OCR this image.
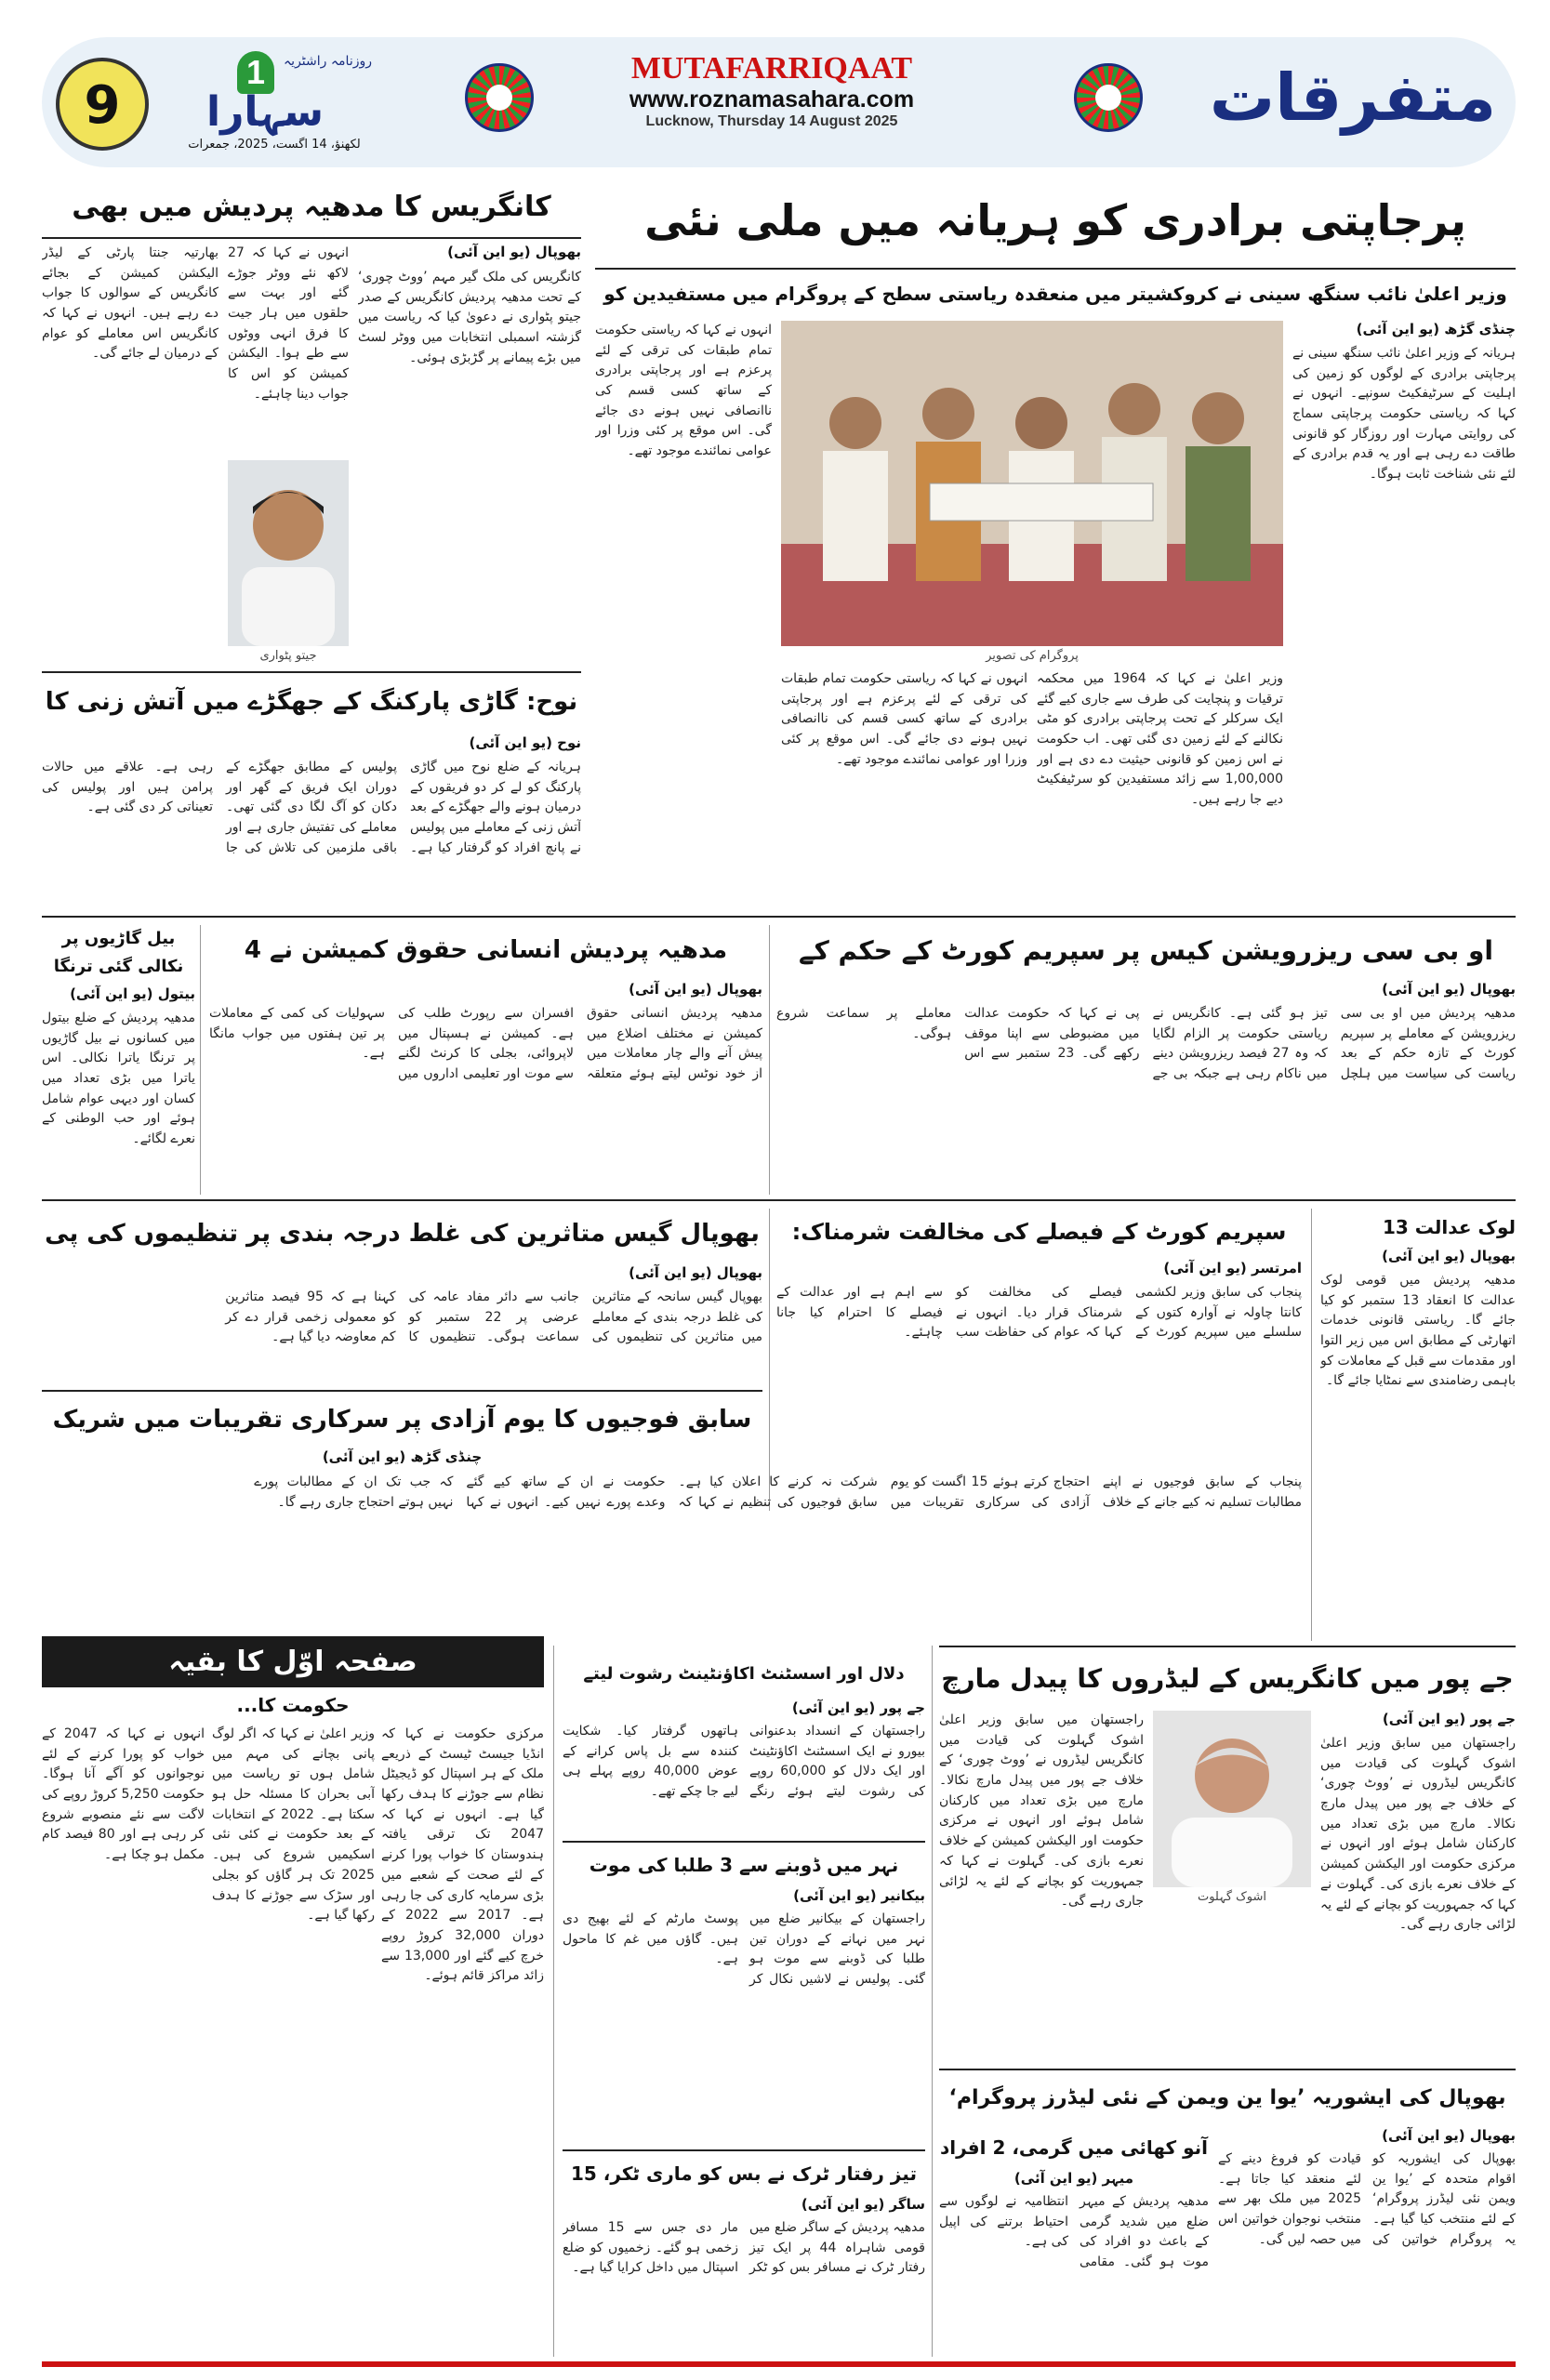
9
1	روزنامہ راشٹریہ
سہارا
لکھنؤ، 14 اگست، 2025، جمعرات
MUTAFARRIQAAT
www.roznamasahara.com
Lucknow, Thursday 14 August 2025	متفرقات
پرجاپتی برادری کو ہریانہ میں ملی نئی
وزیر اعلیٰ نائب سنگھ سینی نے کروکشیتر میں منعقدہ ریاستی سطح کے پروگرام میں مستفیدین کو
چنڈی گڑھ (یو این آئی)
ہریانہ کے وزیر اعلیٰ نائب سنگھ سینی نے پرجاپتی برادری کے لوگوں کو زمین کی اہلیت کے سرٹیفکیٹ سونپے۔ انہوں نے کہا کہ ریاستی حکومت پرجاپتی سماج کی روایتی مہارت اور روزگار کو قانونی طاقت دے رہی ہے اور یہ قدم برادری کے لئے نئی شناخت ثابت ہوگا۔
پروگرام کی تصویر
وزیر اعلیٰ نے کہا کہ 1964 میں محکمہ ترقیات و پنچایت کی طرف سے جاری کیے گئے ایک سرکلر کے تحت پرجاپتی برادری کو مٹی نکالنے کے لئے زمین دی گئی تھی۔ اب حکومت نے اس زمین کو قانونی حیثیت دے دی ہے اور 1,00,000 سے زائد مستفیدین کو سرٹیفکیٹ دیے جا رہے ہیں۔
انہوں نے کہا کہ ریاستی حکومت تمام طبقات کی ترقی کے لئے پرعزم ہے اور پرجاپتی برادری کے ساتھ کسی قسم کی ناانصافی نہیں ہونے دی جائے گی۔ اس موقع پر کئی وزرا اور عوامی نمائندے موجود تھے۔
انہوں نے کہا کہ ریاستی حکومت تمام طبقات کی ترقی کے لئے پرعزم ہے اور پرجاپتی برادری کے ساتھ کسی قسم کی ناانصافی نہیں ہونے دی جائے گی۔ اس موقع پر کئی وزرا اور عوامی نمائندے موجود تھے۔
کانگریس کا مدھیہ پردیش میں بھی
بھوپال (یو این آئی)
کانگریس کی ملک گیر مہم ’ووٹ چوری‘ کے تحت مدھیہ پردیش کانگریس کے صدر جیتو پٹواری نے دعویٰ کیا کہ ریاست میں گزشتہ اسمبلی انتخابات میں ووٹر لسٹ میں بڑے پیمانے پر گڑبڑی ہوئی۔
انہوں نے کہا کہ 27 لاکھ نئے ووٹر جوڑے گئے اور بہت سے حلقوں میں ہار جیت کا فرق انہی ووٹوں سے طے ہوا۔ الیکشن کمیشن کو اس کا جواب دینا چاہئے۔
جیتو پٹواری
بھارتیہ جنتا پارٹی کے لیڈر الیکشن کمیشن کے بجائے کانگریس کے سوالوں کا جواب دے رہے ہیں۔ انہوں نے کہا کہ کانگریس اس معاملے کو عوام کے درمیان لے جائے گی۔
نوح: گاڑی پارکنگ کے جھگڑے میں آتش زنی کا
نوح (یو این آئی)
ہریانہ کے ضلع نوح میں گاڑی پارکنگ کو لے کر دو فریقوں کے درمیان ہونے والے جھگڑے کے بعد آتش زنی کے معاملے میں پولیس نے پانچ افراد کو گرفتار کیا ہے۔ پولیس کے مطابق جھگڑے کے دوران ایک فریق کے گھر اور دکان کو آگ لگا دی گئی تھی۔ معاملے کی تفتیش جاری ہے اور باقی ملزمین کی تلاش کی جا رہی ہے۔ علاقے میں حالات پرامن ہیں اور پولیس کی تعیناتی کر دی گئی ہے۔
او بی سی ریزرویشن کیس پر سپریم کورٹ کے حکم کے
بھوپال (یو این آئی)
مدھیہ پردیش میں او بی سی ریزرویشن کے معاملے پر سپریم کورٹ کے تازہ حکم کے بعد ریاست کی سیاست میں ہلچل تیز ہو گئی ہے۔ کانگریس نے ریاستی حکومت پر الزام لگایا کہ وہ 27 فیصد ریزرویشن دینے میں ناکام رہی ہے جبکہ بی جے پی نے کہا کہ حکومت عدالت میں مضبوطی سے اپنا موقف رکھے گی۔ 23 ستمبر سے اس معاملے پر سماعت شروع ہوگی۔
مدھیہ پردیش انسانی حقوق کمیشن نے 4
بھوپال (یو این آئی)
مدھیہ پردیش انسانی حقوق کمیشن نے مختلف اضلاع میں پیش آنے والے چار معاملات میں از خود نوٹس لیتے ہوئے متعلقہ افسران سے رپورٹ طلب کی ہے۔ کمیشن نے ہسپتال میں لاپروائی، بجلی کا کرنٹ لگنے سے موت اور تعلیمی اداروں میں سہولیات کی کمی کے معاملات پر تین ہفتوں میں جواب مانگا ہے۔
بیل گاڑیوں پر نکالی گئی ترنگا
بیتول (یو این آئی)
مدھیہ پردیش کے ضلع بیتول میں کسانوں نے بیل گاڑیوں پر ترنگا یاترا نکالی۔ اس یاترا میں بڑی تعداد میں کسان اور دیہی عوام شامل ہوئے اور حب الوطنی کے نعرے لگائے۔
لوک عدالت 13
بھوپال (یو این آئی)
مدھیہ پردیش میں قومی لوک عدالت کا انعقاد 13 ستمبر کو کیا جائے گا۔ ریاستی قانونی خدمات اتھارٹی کے مطابق اس میں زیر التوا اور مقدمات سے قبل کے معاملات کو باہمی رضامندی سے نمٹایا جائے گا۔
سپریم کورٹ کے فیصلے کی مخالفت شرمناک:
امرتسر (یو این آئی)
پنجاب کی سابق وزیر لکشمی کانتا چاولہ نے آوارہ کتوں کے سلسلے میں سپریم کورٹ کے فیصلے کی مخالفت کو شرمناک قرار دیا۔ انہوں نے کہا کہ عوام کی حفاظت سب سے اہم ہے اور عدالت کے فیصلے کا احترام کیا جانا چاہئے۔
بھوپال گیس متاثرین کی غلط درجہ بندی پر تنظیموں کی پی
بھوپال (یو این آئی)
بھوپال گیس سانحہ کے متاثرین کی غلط درجہ بندی کے معاملے میں متاثرین کی تنظیموں کی جانب سے دائر مفاد عامہ کی عرضی پر 22 ستمبر کو سماعت ہوگی۔ تنظیموں کا کہنا ہے کہ 95 فیصد متاثرین کو معمولی زخمی قرار دے کر کم معاوضہ دیا گیا ہے۔
سابق فوجیوں کا یوم آزادی پر سرکاری تقریبات میں شریک
چنڈی گڑھ (یو این آئی)
پنجاب کے سابق فوجیوں نے اپنے مطالبات تسلیم نہ کیے جانے کے خلاف احتجاج کرتے ہوئے 15 اگست کو یوم آزادی کی سرکاری تقریبات میں شرکت نہ کرنے کا اعلان کیا ہے۔ سابق فوجیوں کی تنظیم نے کہا کہ حکومت نے ان کے ساتھ کیے گئے وعدے پورے نہیں کیے۔ انہوں نے کہا کہ جب تک ان کے مطالبات پورے نہیں ہوتے احتجاج جاری رہے گا۔
صفحہ اوّل کا بقیہ
حکومت کا...
مرکزی حکومت نے کہا کہ انڈیا جیسٹ ٹیسٹ کے ذریعے ملک کے ہر اسپتال کو ڈیجیٹل نظام سے جوڑنے کا ہدف رکھا گیا ہے۔ انہوں نے کہا کہ 2047 تک ترقی یافتہ ہندوستان کا خواب پورا کرنے کے لئے صحت کے شعبے میں بڑی سرمایہ کاری کی جا رہی ہے۔ 2017 سے 2022 کے دوران 32,000 کروڑ روپے خرچ کیے گئے اور 13,000 سے زائد مراکز قائم ہوئے۔
وزیر اعلیٰ نے کہا کہ اگر لوگ پانی بچانے کی مہم میں شامل ہوں تو ریاست میں آبی بحران کا مسئلہ حل ہو سکتا ہے۔ 2022 کے انتخابات کے بعد حکومت نے کئی نئی اسکیمیں شروع کی ہیں۔ 2025 تک ہر گاؤں کو بجلی اور سڑک سے جوڑنے کا ہدف رکھا گیا ہے۔
انہوں نے کہا کہ 2047 کے خواب کو پورا کرنے کے لئے نوجوانوں کو آگے آنا ہوگا۔ حکومت 5,250 کروڑ روپے کی لاگت سے نئے منصوبے شروع کر رہی ہے اور 80 فیصد کام مکمل ہو چکا ہے۔
جے پور میں کانگریس کے لیڈروں کا پیدل مارچ
جے پور (یو این آئی)
اشوک گہلوت
راجستھان میں سابق وزیر اعلیٰ اشوک گہلوت کی قیادت میں کانگریس لیڈروں نے ’ووٹ چوری‘ کے خلاف جے پور میں پیدل مارچ نکالا۔ مارچ میں بڑی تعداد میں کارکنان شامل ہوئے اور انہوں نے مرکزی حکومت اور الیکشن کمیشن کے خلاف نعرے بازی کی۔ گہلوت نے کہا کہ جمہوریت کو بچانے کے لئے یہ لڑائی جاری رہے گی۔
راجستھان میں سابق وزیر اعلیٰ اشوک گہلوت کی قیادت میں کانگریس لیڈروں نے ’ووٹ چوری‘ کے خلاف جے پور میں پیدل مارچ نکالا۔ مارچ میں بڑی تعداد میں کارکنان شامل ہوئے اور انہوں نے مرکزی حکومت اور الیکشن کمیشن کے خلاف نعرے بازی کی۔ گہلوت نے کہا کہ جمہوریت کو بچانے کے لئے یہ لڑائی جاری رہے گی۔
دلال اور اسسٹنٹ اکاؤنٹینٹ رشوت لیتے
جے پور (یو این آئی)
راجستھان کے انسداد بدعنوانی بیورو نے ایک اسسٹنٹ اکاؤنٹینٹ اور ایک دلال کو 60,000 روپے کی رشوت لیتے ہوئے رنگے ہاتھوں گرفتار کیا۔ شکایت کنندہ سے بل پاس کرانے کے عوض 40,000 روپے پہلے ہی لیے جا چکے تھے۔
نہر میں ڈوبنے سے 3 طلبا کی موت
بیکانیر (یو این آئی)
راجستھان کے بیکانیر ضلع میں نہر میں نہانے کے دوران تین طلبا کی ڈوبنے سے موت ہو گئی۔ پولیس نے لاشیں نکال کر پوسٹ مارٹم کے لئے بھیج دی ہیں۔ گاؤں میں غم کا ماحول ہے۔
تیز رفتار ٹرک نے بس کو ماری ٹکر، 15
ساگر (یو این آئی)
مدھیہ پردیش کے ساگر ضلع میں قومی شاہراہ 44 پر ایک تیز رفتار ٹرک نے مسافر بس کو ٹکر مار دی جس سے 15 مسافر زخمی ہو گئے۔ زخمیوں کو ضلع اسپتال میں داخل کرایا گیا ہے۔
بھوپال کی ایشوریہ ’یوا ین ویمن کے نئی لیڈرز پروگرام‘
بھوپال (یو این آئی)
بھوپال کی ایشوریہ کو اقوام متحدہ کے ’یوا ین ویمن نئی لیڈرز پروگرام‘ کے لئے منتخب کیا گیا ہے۔ یہ پروگرام خواتین کی قیادت کو فروغ دینے کے لئے منعقد کیا جاتا ہے۔ 2025 میں ملک بھر سے منتخب نوجوان خواتین اس میں حصہ لیں گی۔
آنو کھائی میں گرمی، 2 افراد
میہر (یو این آئی)
مدھیہ پردیش کے میہر ضلع میں شدید گرمی کے باعث دو افراد کی موت ہو گئی۔ مقامی انتظامیہ نے لوگوں سے احتیاط برتنے کی اپیل کی ہے۔
